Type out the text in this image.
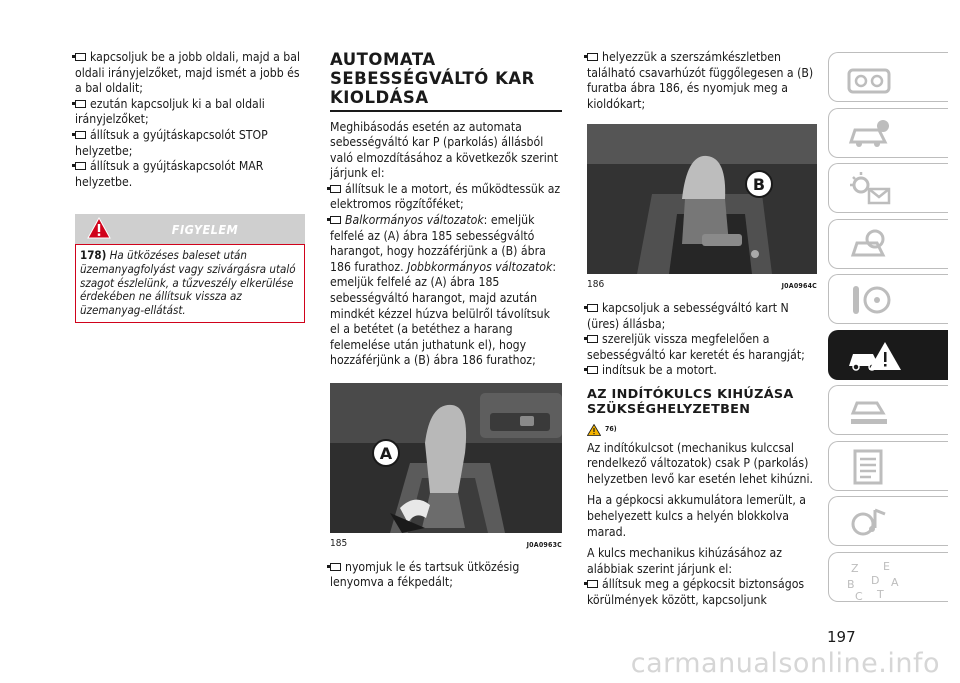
kapcsoljuk be a jobb oldali, majd a bal oldali irányjelzőket, majd ismét a jobb és a bal oldalit;
ezután kapcsoljuk ki a bal oldali irányjelzőket;
állítsuk a gyújtáskapcsolót STOP helyzetbe;
állítsuk a gyújtáskapcsolót MAR helyzetbe.
FIGYELEM
178) Ha ütközéses baleset után üzemanyagfolyást vagy szivárgásra utaló szagot észlelünk, a tűzveszély elkerülése érdekében ne állítsuk vissza az üzemanyag-ellátást.
AUTOMATA SEBESSÉGVÁLTÓ KAR KIOLDÁSA
Meghibásodás esetén az automata sebességváltó kar P (parkolás) állásból való elmozdításához a következők szerint járjunk el:
állítsuk le a motort, és működtessük az elektromos rögzítőféket;
Balkormányos változatok: emeljük felfelé az (A) ábra 185 sebességváltó harangot, hogy hozzáférjünk a (B) ábra 186 furathoz. Jobbkormányos változatok: emeljük felfelé az (A) ábra 185 sebességváltó harangot, majd azután mindkét kézzel húzva belülről távolítsuk el a betétet (a betéthez a harang felemelése után juthatunk el), hogy hozzáférjünk a (B) ábra 186 furathoz;
A
185	J0A0963C
nyomjuk le és tartsuk ütközésig lenyomva a fékpedált;
helyezzük a szerszámkészletben található csavarhúzót függőlegesen a (B) furatba ábra 186, és nyomjuk meg a kioldókart;
B
186	J0A0964C
kapcsoljuk a sebességváltó kart N (üres) állásba;
szereljük vissza megfelelően a sebességváltó kar keretét és harangját;
indítsuk be a motort.
AZ INDÍTÓKULCS KIHÚZÁSA SZÜKSÉGHELYZETBEN
76)
Az indítókulcsot (mechanikus kulccsal rendelkező változatok) csak P (parkolás) helyzetben levő kar esetén lehet kihúzni.
Ha a gépkocsi akkumulátora lemerült, a behelyezett kulcs a helyén blokkolva marad.
A kulcs mechanikus kihúzásához az alábbiak szerint járjunk el:
állítsuk meg a gépkocsit biztonságos körülmények között, kapcsoljunk
Z E
B D A
C T
197
carmanualsonline.info
